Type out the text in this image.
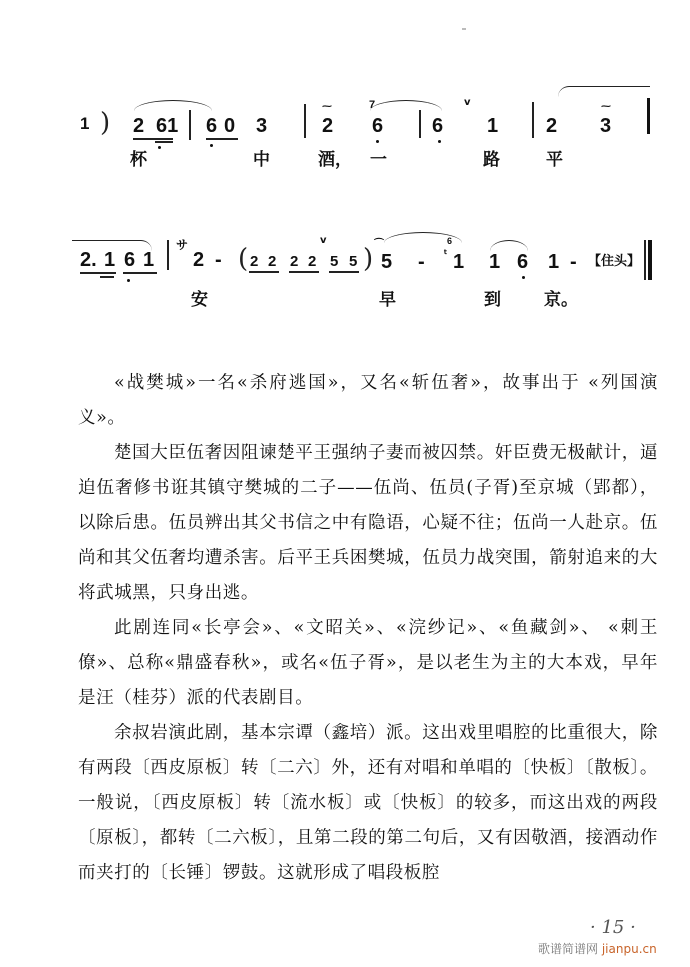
1 ) 2 61 6 0 3
⁓
2
7
6 6
v
1 2
⁓
3
杯	中	酒， 一	路	平
2. 1 6 1
サ
2 - ( 2 2 2 2
v
5 5 ) ⌒
5 -
6
ₜ 1 1 6 1 - 【住头】
安	早	到	京。

«战樊城»一名«杀府逃国»，又名«斩伍奢»，故事出于 «列国演义»。

楚国大臣伍奢因阻谏楚平王强纳子妻而被囚禁。奸臣费无极献计，逼迫伍奢修书诳其镇守樊城的二子——伍尚、伍员(子胥)至京城（郢都），以除后患。伍员辨出其父书信之中有隐语，心疑不往；伍尚一人赴京。伍尚和其父伍奢均遭杀害。后平王兵困樊城，伍员力战突围，箭射追来的大将武城黑，只身出逃。

此剧连同«长亭会»、«文昭关»、«浣纱记»、«鱼藏剑»、 «刺王僚»、总称«鼎盛春秋»，或名«伍子胥»，是以老生为主的大本戏，早年是汪（桂芬）派的代表剧目。

余叔岩演此剧，基本宗谭（鑫培）派。这出戏里唱腔的比重很大，除有两段〔西皮原板〕转〔二六〕外，还有对唱和单唱的〔快板〕〔散板〕。一般说，〔西皮原板〕转〔流水板〕或〔快板〕的较多，而这出戏的两段〔原板〕，都转〔二六板〕，且第二段的第二句后，又有因敬酒，接酒动作而夹打的〔长锤〕锣鼓。这就形成了唱段板腔

· 15 ·
歌谱简谱网 jianpu.cn
